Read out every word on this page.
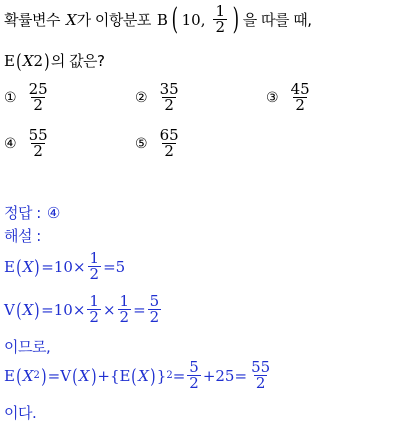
확률변수 X 가 이항분포 B ( 10, $\frac{1}{2}$ ) 을 따를 때,
E ( X 2 ) 의 값은?
① $\frac{25}{2}$	② $\frac{35}{2}$	③ $\frac{45}{2}$
④ $\frac{55}{2}$	⑤ $\frac{65}{2}$
정답 : ④
해설 :
E ( X ) = $10 \times \frac{1}{2} = 5$
V ( X ) = $10 \times \frac{1}{2} \times \frac{1}{2} = \frac{5}{2}$
이므로,
E ( X 2 ) = V ( X ) + { E ( X ) } $2 = \frac{5}{2} + 25 = \frac{55}{2}$
이다.
